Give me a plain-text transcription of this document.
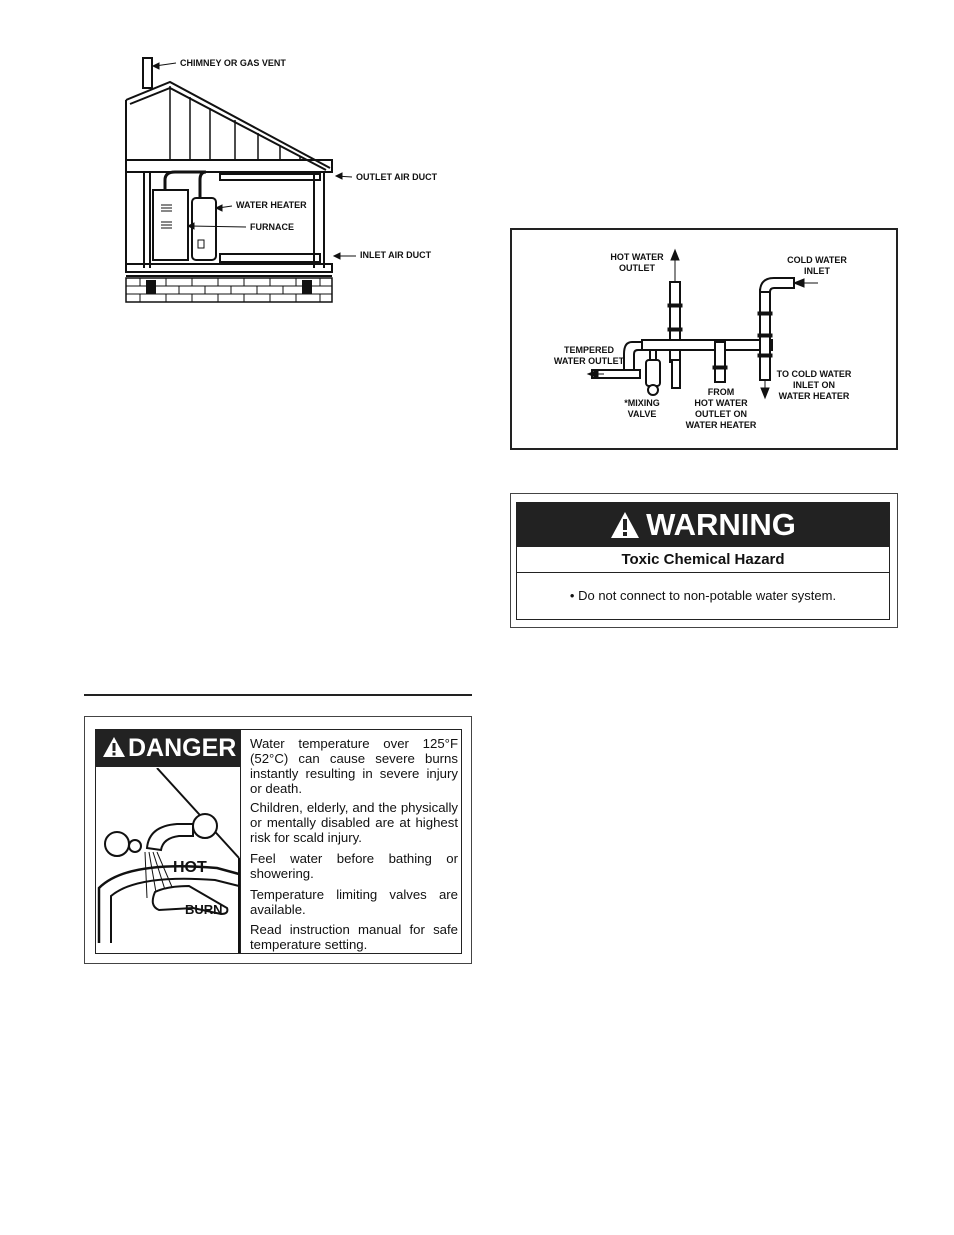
CHIMNEY OR GAS VENT
OUTLET AIR DUCT
WATER HEATER
FURNACE
INLET AIR DUCT	HOT WATER
OUTLET
COLD WATER
INLET
TEMPERED
WATER OUTLET
TO COLD WATER
INLET ON
WATER HEATER
*MIXING
VALVE
FROM
HOT WATER
OUTLET ON
WATER HEATER
WARNING
Toxic Chemical Hazard
• Do not connect to non-potable water system.
DANGER
HOT
BURN
Water temperature over 125°F (52°C) can cause severe burns instantly resulting in severe injury or death.
Children, elderly, and the physically or mentally disabled are at highest risk for scald injury.
Feel water before bathing or showering.
Temperature limiting valves are available.
Read instruction manual for safe temperature setting.
